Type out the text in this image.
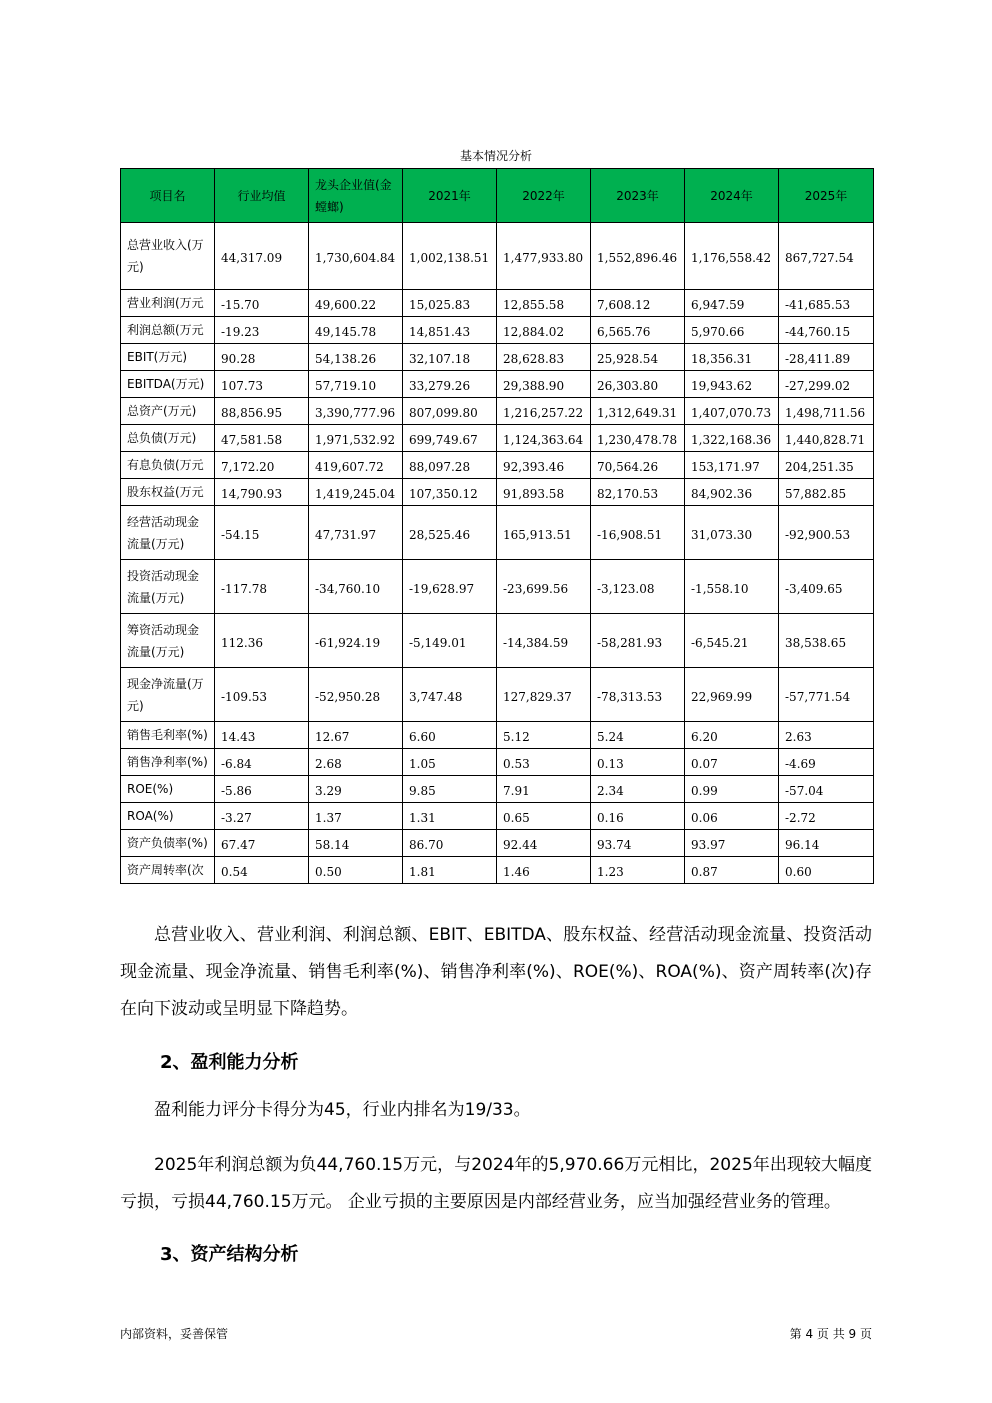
基本情况分析
项目名	行业均值	龙头企业值(金螳螂)	2021年	2022年	2023年	2024年	2025年
总营业收入(万元)	44,317.09	1,730,604.84	1,002,138.51	1,477,933.80	1,552,896.46	1,176,558.42	867,727.54
营业利润(万元	-15.70	49,600.22	15,025.83	12,855.58	7,608.12	6,947.59	-41,685.53
利润总额(万元	-19.23	49,145.78	14,851.43	12,884.02	6,565.76	5,970.66	-44,760.15
EBIT(万元)	90.28	54,138.26	32,107.18	28,628.83	25,928.54	18,356.31	-28,411.89
EBITDA(万元)	107.73	57,719.10	33,279.26	29,388.90	26,303.80	19,943.62	-27,299.02
总资产(万元)	88,856.95	3,390,777.96	807,099.80	1,216,257.22	1,312,649.31	1,407,070.73	1,498,711.56
总负债(万元)	47,581.58	1,971,532.92	699,749.67	1,124,363.64	1,230,478.78	1,322,168.36	1,440,828.71
有息负债(万元	7,172.20	419,607.72	88,097.28	92,393.46	70,564.26	153,171.97	204,251.35
股东权益(万元	14,790.93	1,419,245.04	107,350.12	91,893.58	82,170.53	84,902.36	57,882.85
经营活动现金流量(万元)	-54.15	47,731.97	28,525.46	165,913.51	-16,908.51	31,073.30	-92,900.53
投资活动现金流量(万元)	-117.78	-34,760.10	-19,628.97	-23,699.56	-3,123.08	-1,558.10	-3,409.65
筹资活动现金流量(万元)	112.36	-61,924.19	-5,149.01	-14,384.59	-58,281.93	-6,545.21	38,538.65
现金净流量(万元)	-109.53	-52,950.28	3,747.48	127,829.37	-78,313.53	22,969.99	-57,771.54
销售毛利率(%)	14.43	12.67	6.60	5.12	5.24	6.20	2.63
销售净利率(%)	-6.84	2.68	1.05	0.53	0.13	0.07	-4.69
ROE(%)	-5.86	3.29	9.85	7.91	2.34	0.99	-57.04
ROA(%)	-3.27	1.37	1.31	0.65	0.16	0.06	-2.72
资产负债率(%)	67.47	58.14	86.70	92.44	93.74	93.97	96.14
资产周转率(次	0.54	0.50	1.81	1.46	1.23	0.87	0.60
总营业收入、营业利润、利润总额、EBIT、EBITDA、股东权益、经营活动现金流量、投资活动现金流量、现金净流量、销售毛利率(%)、销售净利率(%)、ROE(%)、ROA(%)、资产周转率(次)存在向下波动或呈明显下降趋势。
2、盈利能力分析
盈利能力评分卡得分为45，行业内排名为19/33。
2025年利润总额为负44,760.15万元，与2024年的5,970.66万元相比，2025年出现较大幅度亏损，亏损44,760.15万元。 企业亏损的主要原因是内部经营业务，应当加强经营业务的管理。
3、资产结构分析
内部资料，妥善保管	第 4 页 共 9 页
